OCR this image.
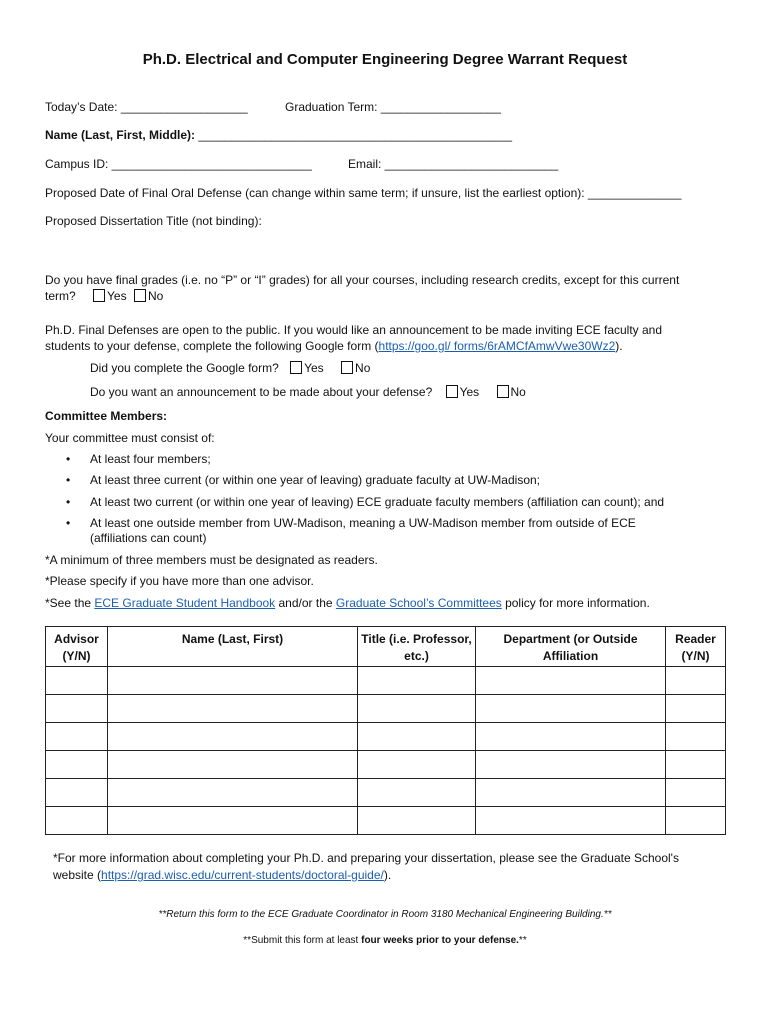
Ph.D. Electrical and Computer Engineering Degree Warrant Request
Today’s Date: ___________________	Graduation Term: __________________
Name (Last, First, Middle): _______________________________________________
Campus ID: ______________________________	Email: __________________________
Proposed Date of Final Oral Defense (can change within same term; if unsure, list the earliest option): ______________
Proposed Dissertation Title (not binding):
Do you have final grades (i.e. no “P” or “I” grades) for all your courses, including research credits, except for this current
term?	Yes No
Ph.D. Final Defenses are open to the public. If you would like an announcement to be made inviting ECE faculty and
students to your defense, complete the following Google form (https://goo.gl/ forms/6rAMCfAmwVwe30Wz2).
Did you complete the Google form? Yes	No
Do you want an announcement to be made about your defense? Yes	No
Committee Members:
Your committee must consist of:
• At least four members;
• At least three current (or within one year of leaving) graduate faculty at UW-Madison;
• At least two current (or within one year of leaving) ECE graduate faculty members (affiliation can count); and
• At least one outside member from UW-Madison, meaning a UW-Madison member from outside of ECE
(affiliations can count)
*A minimum of three members must be designated as readers.
*Please specify if you have more than one advisor.
*See the ECE Graduate Student Handbook and/or the Graduate School’s Committees policy for more information.
Advisor (Y/N)	Name (Last, First)	Title (i.e. Professor, etc.)	Department (or Outside Affiliation	Reader (Y/N)

*For more information about completing your Ph.D. and preparing your dissertation, please see the Graduate School's
website (https://grad.wisc.edu/current-students/doctoral-guide/).
**Return this form to the ECE Graduate Coordinator in Room 3180 Mechanical Engineering Building.**
**Submit this form at least four weeks prior to your defense.**
